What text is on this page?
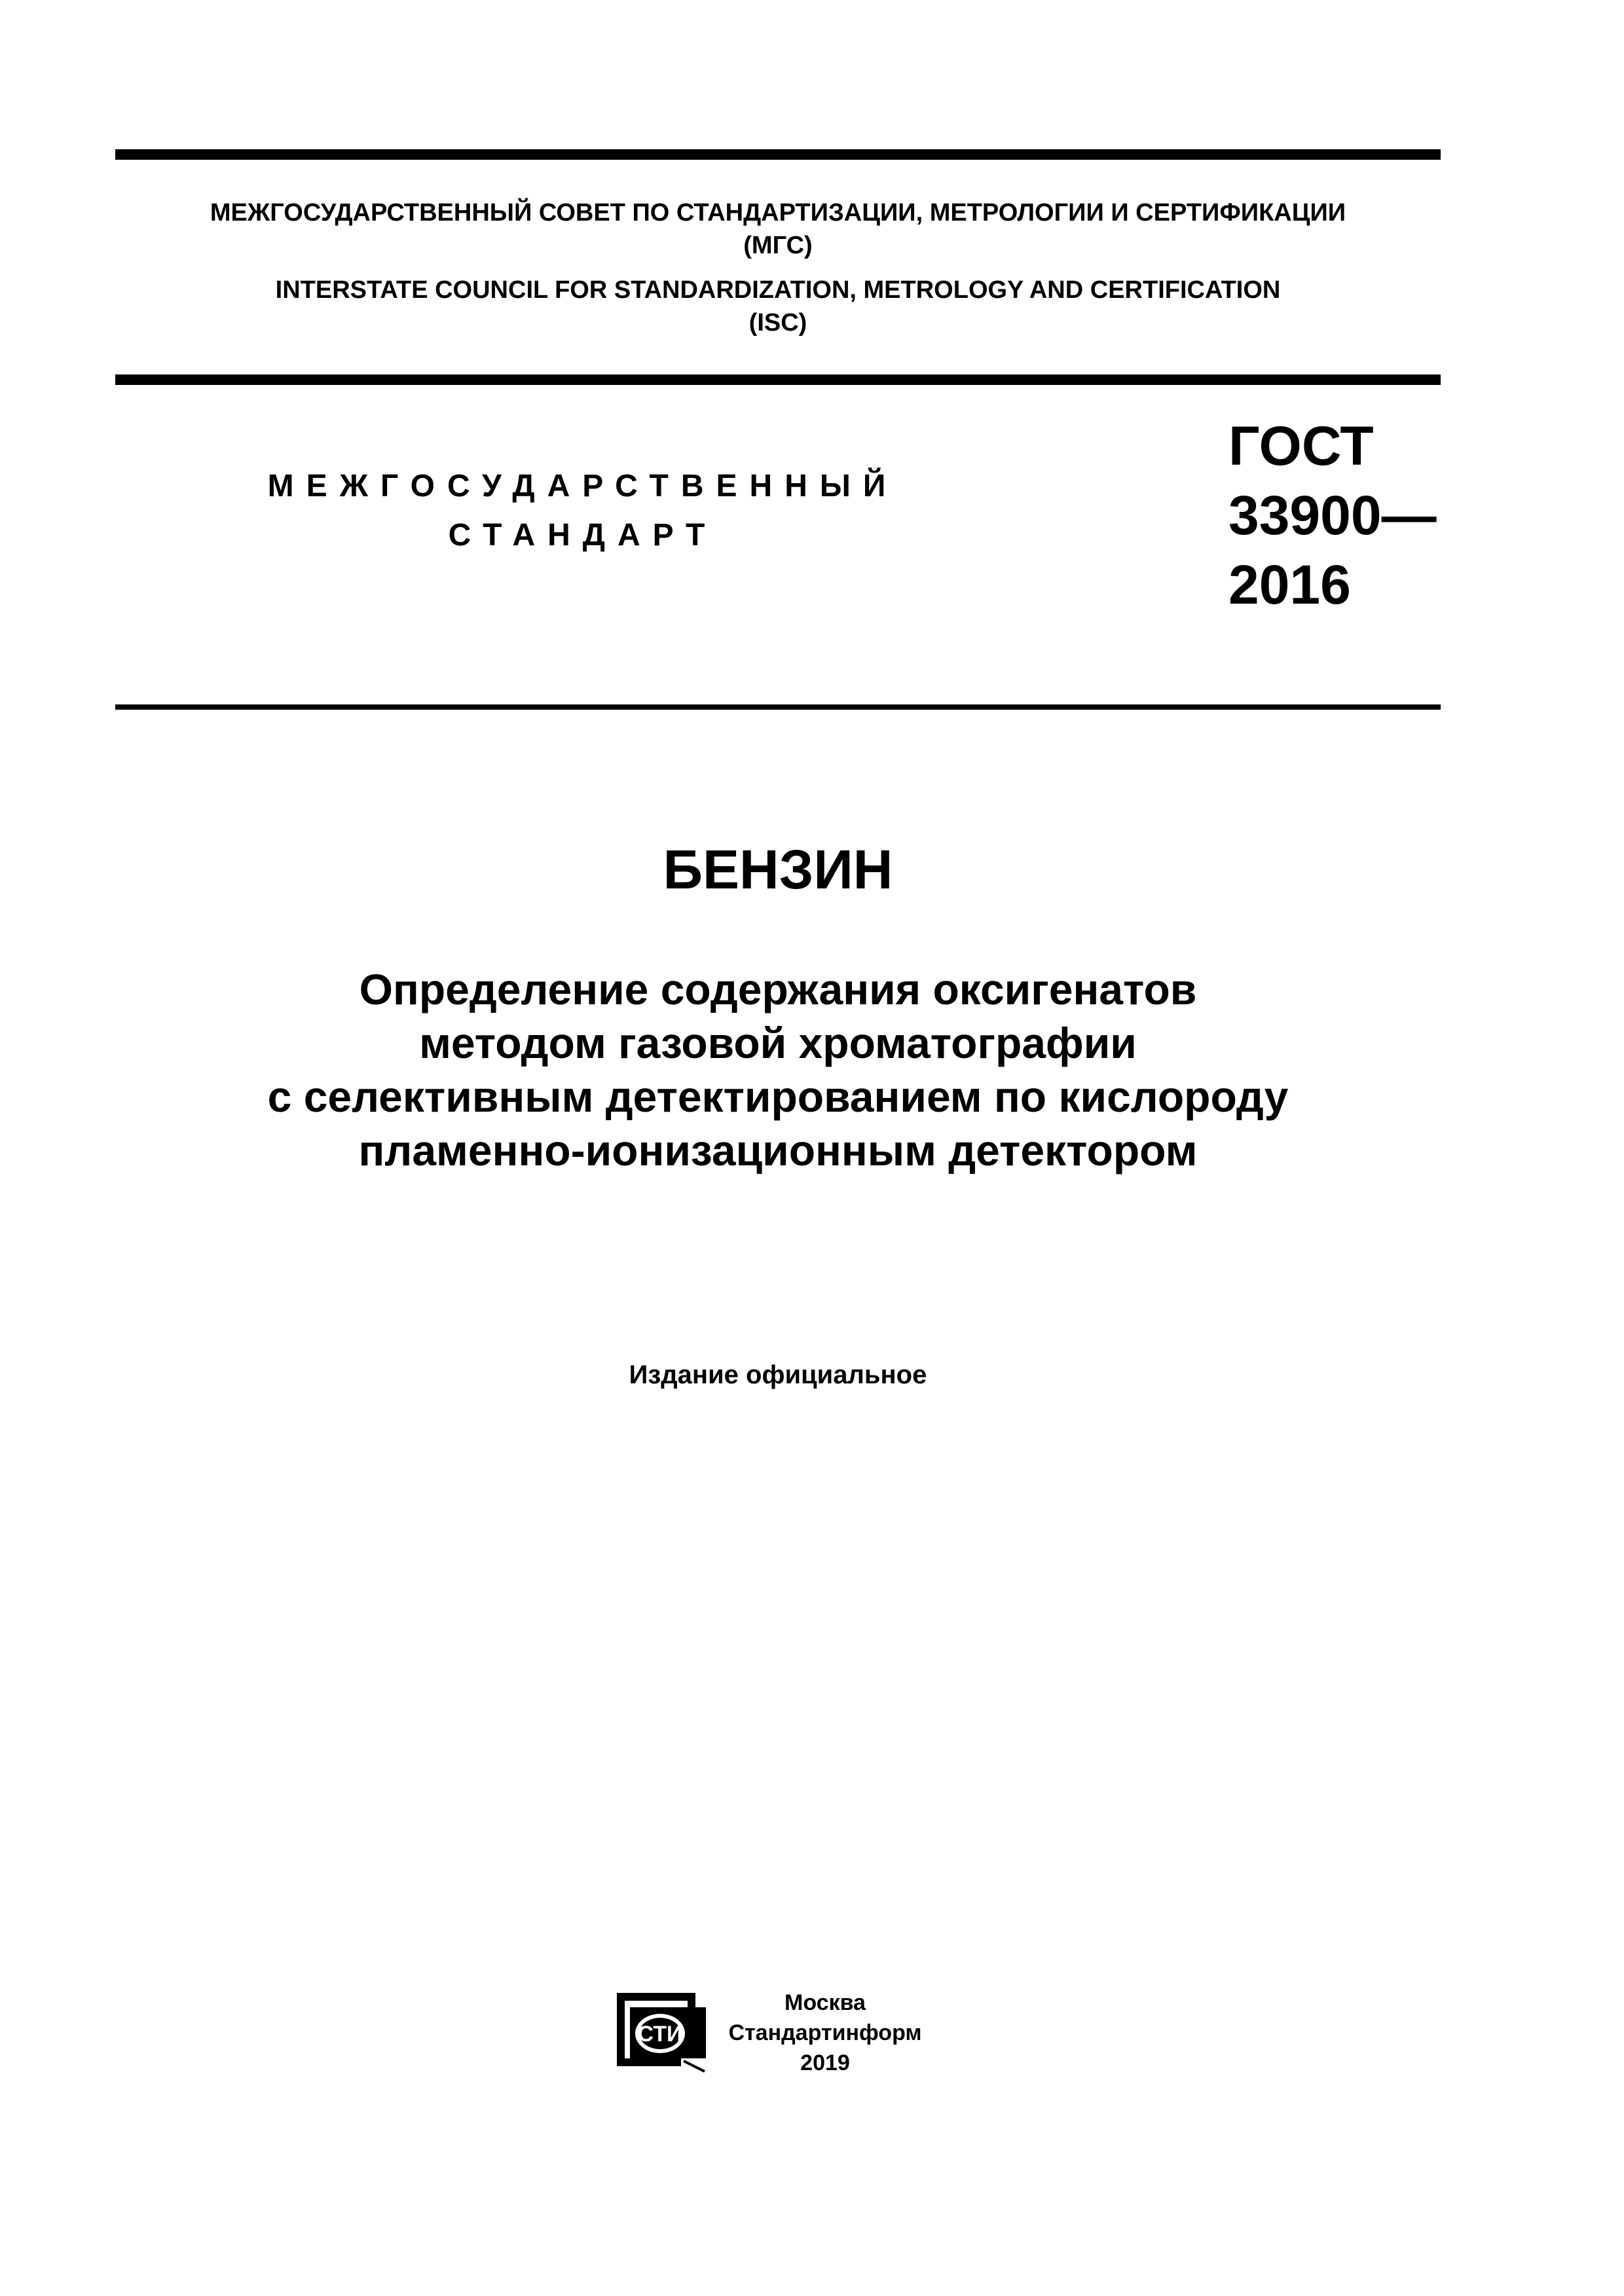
МЕЖГОСУДАРСТВЕННЫЙ СОВЕТ ПО СТАНДАРТИЗАЦИИ, МЕТРОЛОГИИ И СЕРТИФИКАЦИИ
(МГС)
INTERSTATE COUNCIL FOR STANDARDIZATION, METROLOGY AND CERTIFICATION
(ISC)
МЕЖГОСУДАРСТВЕННЫЙ
СТАНДАРТ
ГОСТ
33900—
2016
БЕНЗИН
Определение содержания оксигенатов
методом газовой хроматографии
с селективным детектированием по кислороду
пламенно-ионизационным детектором
Издание официальное
СТИ
Москва
Стандартинформ
2019
